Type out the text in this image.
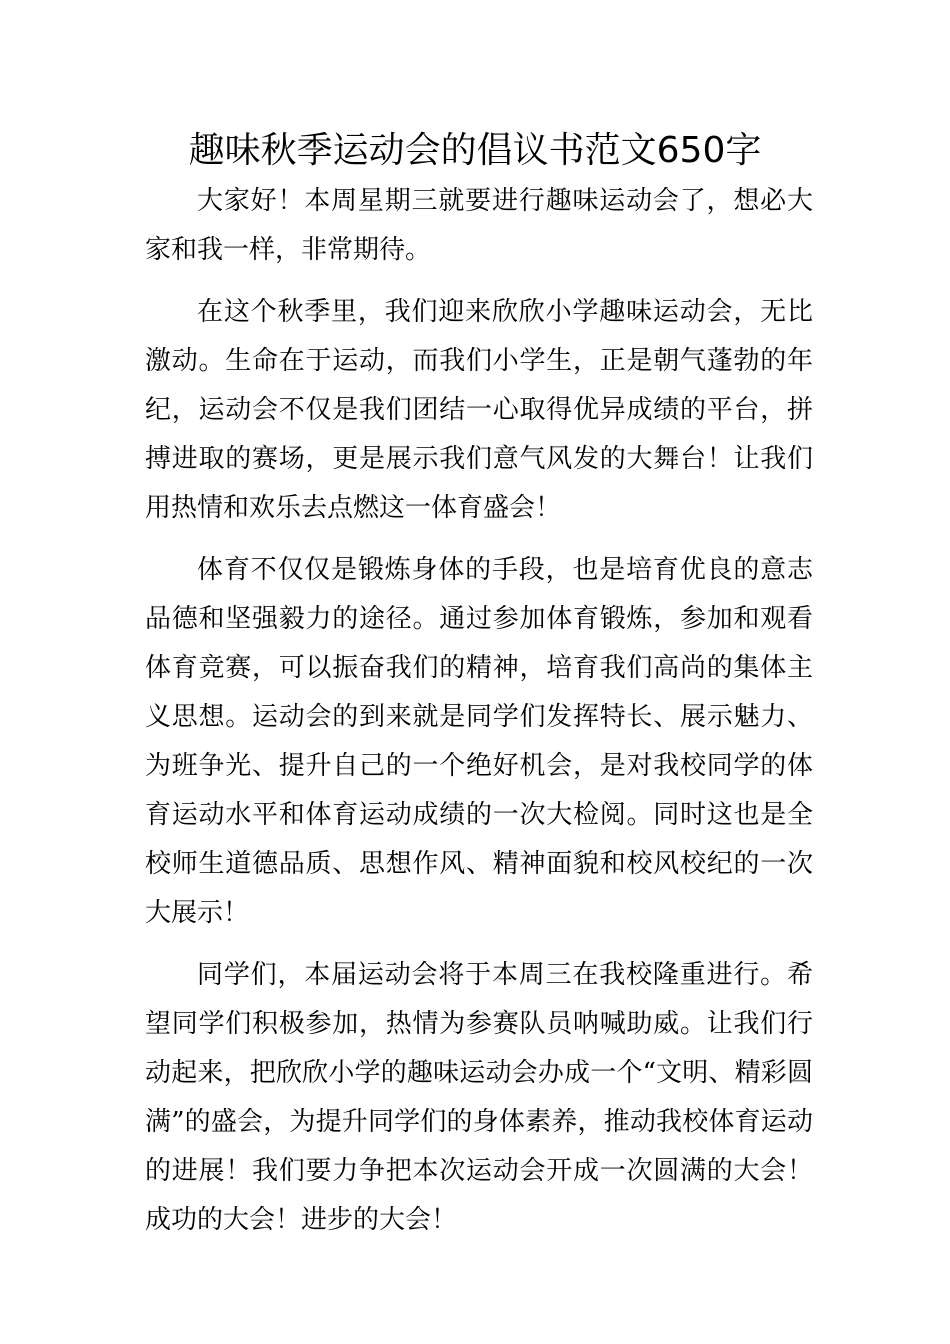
趣味秋季运动会的倡议书范文650字

大家好！本周星期三就要进行趣味运动会了，想必大家和我一样，非常期待。

在这个秋季里，我们迎来欣欣小学趣味运动会，无比激动。生命在于运动，而我们小学生，正是朝气蓬勃的年纪，运动会不仅是我们团结一心取得优异成绩的平台，拼搏进取的赛场，更是展示我们意气风发的大舞台！让我们用热情和欢乐去点燃这一体育盛会！

体育不仅仅是锻炼身体的手段，也是培育优良的意志品德和坚强毅力的途径。通过参加体育锻炼，参加和观看体育竞赛，可以振奋我们的精神，培育我们高尚的集体主义思想。运动会的到来就是同学们发挥特长、展示魅力、为班争光、提升自己的一个绝好机会，是对我校同学的体育运动水平和体育运动成绩的一次大检阅。同时这也是全校师生道德品质、思想作风、精神面貌和校风校纪的一次大展示！

同学们，本届运动会将于本周三在我校隆重进行。希望同学们积极参加，热情为参赛队员呐喊助威。让我们行动起来，把欣欣小学的趣味运动会办成一个“文明、精彩圆满”的盛会，为提升同学们的身体素养，推动我校体育运动的进展！我们要力争把本次运动会开成一次圆满的大会！成功的大会！进步的大会！
